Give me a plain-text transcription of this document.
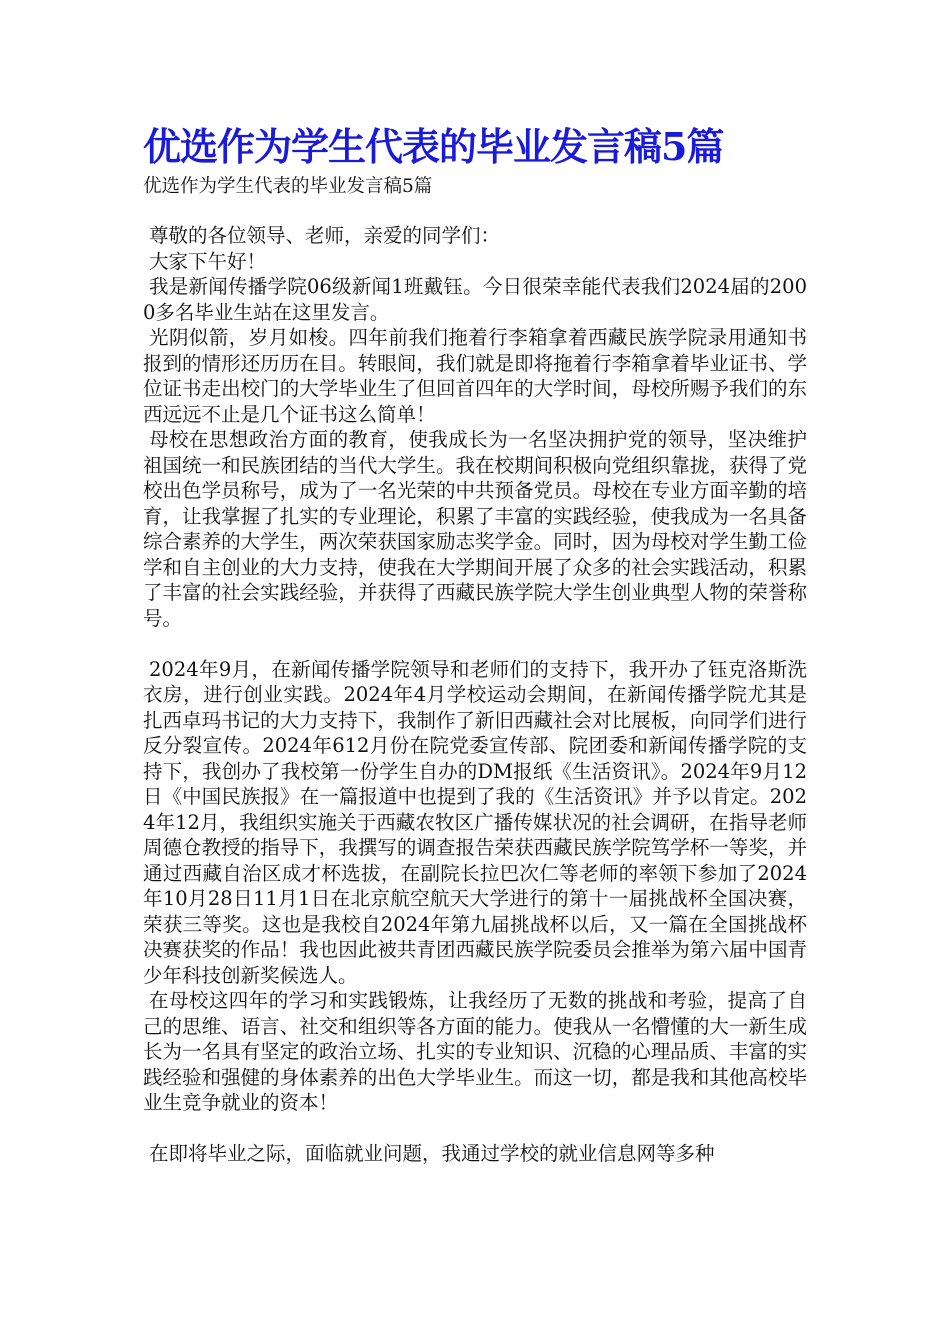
优选作为学生代表的毕业发言稿5篇

优选作为学生代表的毕业发言稿5篇

尊敬的各位领导、老师，亲爱的同学们：

大家下午好！

我是新闻传播学院06级新闻1班戴钰。今日很荣幸能代表我们2024届的2000多名毕业生站在这里发言。

光阴似箭，岁月如梭。四年前我们拖着行李箱拿着西藏民族学院录用通知书报到的情形还历历在目。转眼间，我们就是即将拖着行李箱拿着毕业证书、学位证书走出校门的大学毕业生了但回首四年的大学时间，母校所赐予我们的东西远远不止是几个证书这么简单！

母校在思想政治方面的教育，使我成长为一名坚决拥护党的领导，坚决维护祖国统一和民族团结的当代大学生。我在校期间积极向党组织靠拢，获得了党校出色学员称号，成为了一名光荣的中共预备党员。母校在专业方面辛勤的培育，让我掌握了扎实的专业理论，积累了丰富的实践经验，使我成为一名具备综合素养的大学生，两次荣获国家励志奖学金。同时，因为母校对学生勤工俭学和自主创业的大力支持，使我在大学期间开展了众多的社会实践活动，积累了丰富的社会实践经验，并获得了西藏民族学院大学生创业典型人物的荣誉称号。

2024年9月，在新闻传播学院领导和老师们的支持下，我开办了钰克洛斯洗衣房，进行创业实践。2024年4月学校运动会期间，在新闻传播学院尤其是扎西卓玛书记的大力支持下，我制作了新旧西藏社会对比展板，向同学们进行反分裂宣传。2024年612月份在院党委宣传部、院团委和新闻传播学院的支持下，我创办了我校第一份学生自办的DM报纸《生活资讯》。2024年9月12日《中国民族报》在一篇报道中也提到了我的《生活资讯》并予以肯定。2024年12月，我组织实施关于西藏农牧区广播传媒状况的社会调研，在指导老师周德仓教授的指导下，我撰写的调查报告荣获西藏民族学院笃学杯一等奖，并通过西藏自治区成才杯选拔，在副院长拉巴次仁等老师的率领下参加了2024年10月28日11月1日在北京航空航天大学进行的第十一届挑战杯全国决赛，荣获三等奖。这也是我校自2024年第九届挑战杯以后，又一篇在全国挑战杯决赛获奖的作品！我也因此被共青团西藏民族学院委员会推举为第六届中国青少年科技创新奖候选人。

在母校这四年的学习和实践锻炼，让我经历了无数的挑战和考验，提高了自己的思维、语言、社交和组织等各方面的能力。使我从一名懵懂的大一新生成长为一名具有坚定的政治立场、扎实的专业知识、沉稳的心理品质、丰富的实践经验和强健的身体素养的出色大学毕业生。而这一切，都是我和其他高校毕业生竞争就业的资本！

在即将毕业之际，面临就业问题，我通过学校的就业信息网等多种
